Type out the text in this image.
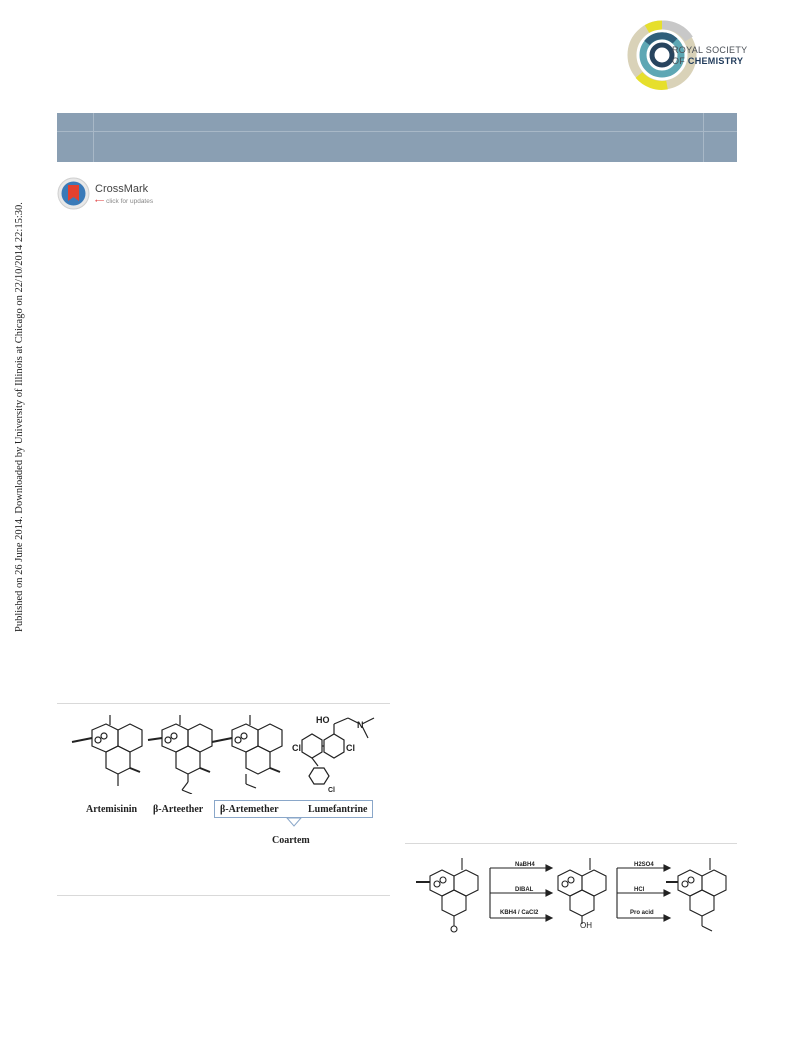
Published on 26 June 2014. Downloaded by University of Illinois at Chicago on 22/10/2014 22:15:30.
ROYAL SOCIETY
OF CHEMISTRY
CrossMark
⟵ click for updates
HO	N
Cl	Cl
Cl
Artemisinin β-Arteether β-Artemether	Lumefantrine
Coartem
NaBH4
DIBAL
KBH4 / CaCl2
H2SO4
HCl
Pro acid
OH
